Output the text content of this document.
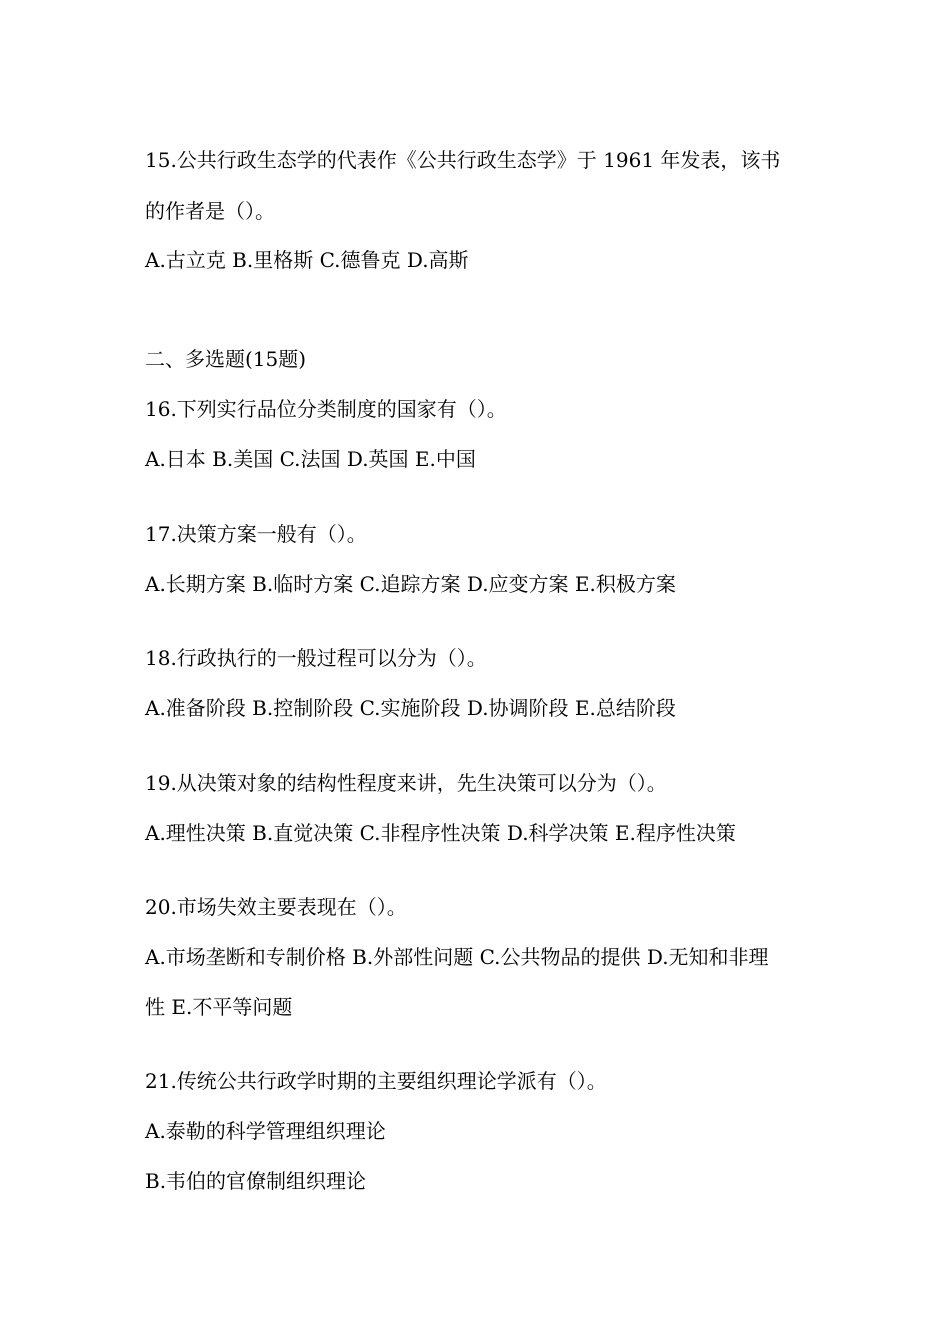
15.公共行政生态学的代表作《公共行政生态学》于 1961 年发表，该书
的作者是（）。
A.古立克 B.里格斯 C.德鲁克 D.高斯
二、多选题(15题)
16.下列实行品位分类制度的国家有（）。
A.日本 B.美国 C.法国 D.英国 E.中国
17.决策方案一般有（）。
A.长期方案 B.临时方案 C.追踪方案 D.应变方案 E.积极方案
18.行政执行的一般过程可以分为（）。
A.准备阶段 B.控制阶段 C.实施阶段 D.协调阶段 E.总结阶段
19.从决策对象的结构性程度来讲，先生决策可以分为（）。
A.理性决策 B.直觉决策 C.非程序性决策 D.科学决策 E.程序性决策
20.市场失效主要表现在（）。
A.市场垄断和专制价格 B.外部性问题 C.公共物品的提供 D.无知和非理
性 E.不平等问题
21.传统公共行政学时期的主要组织理论学派有（）。
A.泰勒的科学管理组织理论
B.韦伯的官僚制组织理论
